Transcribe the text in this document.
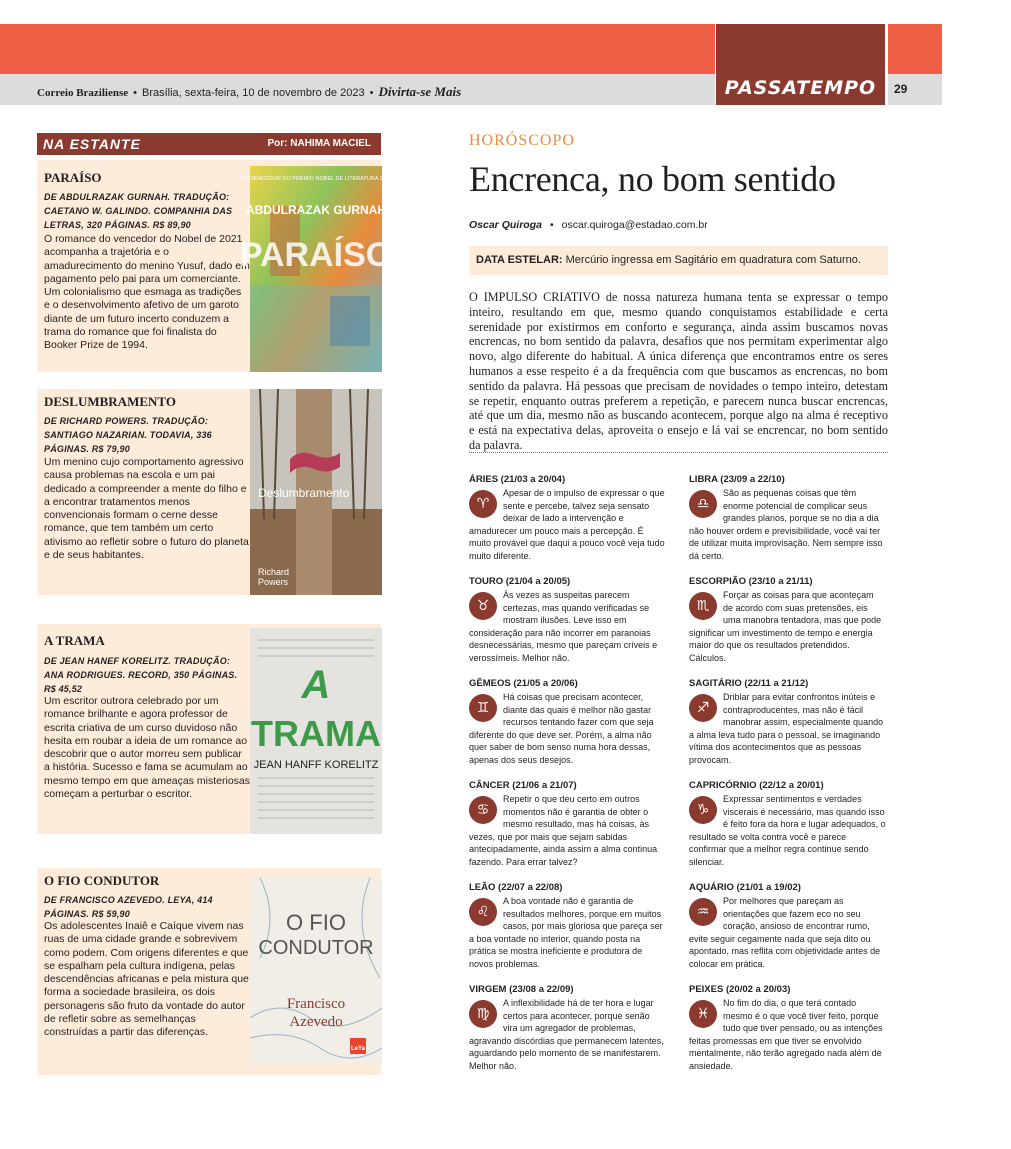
PASSATEMPO	29
Correio Braziliense • Brasília, sexta-feira, 10 de novembro de 2023 • Divirta-se Mais
NA ESTANTE	Por: NAHIMA MACIEL
PARAÍSO
DE ABDULRAZAK GURNAH. TRADUÇÃO: CAETANO W. GALINDO. COMPANHIA DAS LETRAS, 320 PÁGINAS. R$ 89,90
O romance do vencedor do Nobel de 2021 acompanha a trajetória e o amadurecimento do menino Yusuf, dado em pagamento pelo pai para um comerciante. Um colonialismo que esmaga as tradições e o desenvolvimento afetivo de um garoto diante de um futuro incerto conduzem a trama do romance que foi finalista do Booker Prize de 1994.
DO VENCEDOR DO PRÊMIO NOBEL DE LITERATURA 2021
ABDULRAZAK GURNAH
PARAÍSO
DESLUMBRAMENTO
DE RICHARD POWERS. TRADUÇÃO: SANTIAGO NAZARIAN. TODAVIA, 336 PÁGINAS. R$ 79,90
Um menino cujo comportamento agressivo causa problemas na escola e um pai dedicado a compreender a mente do filho e a encontrar tratamentos menos convencionais formam o cerne desse romance, que tem também um certo ativismo ao refletir sobre o futuro do planeta e de seus habitantes.
Deslumbramento
Richard
Powers
A TRAMA
DE JEAN HANEF KORELITZ. TRADUÇÃO: ANA RODRIGUES. RECORD, 350 PÁGINAS. R$ 45,52
Um escritor outrora celebrado por um romance brilhante e agora professor de escrita criativa de um curso duvidoso não hesita em roubar a ideia de um romance ao descobrir que o autor morreu sem publicar a história. Sucesso e fama se acumulam ao mesmo tempo em que ameaças misteriosas começam a perturbar o escritor.
A
TRAMA
JEAN HANFF KORELITZ
O FIO CONDUTOR
DE FRANCISCO AZEVEDO. LEYA, 414 PÁGINAS. R$ 59,90
Os adolescentes Inaiê e Caíque vivem nas ruas de uma cidade grande e sobrevivem como podem. Com origens diferentes e que se espalham pela cultura indígena, pelas descendências africanas e pela mistura que forma a sociedade brasileira, os dois personagens são fruto da vontade do autor de refletir sobre as semelhanças construídas a partir das diferenças.
O FIO
CONDUTOR
Francisco
Azevedo
LeYa
HORÓSCOPO
Encrenca, no bom sentido
Oscar Quiroga • oscar.quiroga@estadao.com.br
DATA ESTELAR: Mercúrio ingressa em Sagitário em quadratura com Saturno.
O IMPULSO CRIATIVO de nossa natureza humana tenta se expressar o tempo inteiro, resultando em que, mesmo quando conquistamos estabilidade e certa serenidade por existirmos em conforto e segurança, ainda assim buscamos novas encrencas, no bom sentido da palavra, desafios que nos permitam experimentar algo novo, algo diferente do habitual. A única diferença que encontramos entre os seres humanos a esse respeito é a da frequência com que buscamos as encrencas, no bom sentido da palavra. Há pessoas que precisam de novidades o tempo inteiro, detestam se repetir, enquanto outras preferem a repetição, e parecem nunca buscar encrencas, até que um dia, mesmo não as buscando acontecem, porque algo na alma é receptivo e está na expectativa delas, aproveita o ensejo e lá vai se encrencar, no bom sentido da palavra.
ÁRIES (21/03 a 20/04)
♈
Apesar de o impulso de expressar o que sente e percebe, talvez seja sensato deixar de lado a intervenção e amadurecer um pouco mais a percepção. É muito provável que daqui a pouco você veja tudo muito diferente.
TOURO (21/04 a 20/05)
♉
Às vezes as suspeitas parecem certezas, mas quando verificadas se mostram ilusões. Leve isso em consideração para não incorrer em paranoias desnecessárias, mesmo que pareçam críveis e verossímeis. Melhor não.
GÊMEOS (21/05 a 20/06)
♊
Há coisas que precisam acontecer, diante das quais é melhor não gastar recursos tentando fazer com que seja diferente do que deve ser. Porém, a alma não quer saber de bom senso numa hora dessas, apenas dos seus desejos.
CÂNCER (21/06 a 21/07)
♋
Repetir o que deu certo em outros momentos não é garantia de obter o mesmo resultado, mas há coisas, às vezes, que por mais que sejam sabidas antecipadamente, ainda assim a alma continua fazendo. Para errar talvez?
LEÃO (22/07 a 22/08)
♌
A boa vontade não é garantia de resultados melhores, porque em muitos casos, por mais gloriosa que pareça ser a boa vontade no interior, quando posta na prática se mostra ineficiente e produtora de novos problemas.
VIRGEM (23/08 a 22/09)
♍
A inflexibilidade há de ter hora e lugar certos para acontecer, porque senão vira um agregador de problemas, agravando discórdias que permanecem latentes, aguardando pelo momento de se manifestarem. Melhor não.
LIBRA (23/09 a 22/10)
♎
São as pequenas coisas que têm enorme potencial de complicar seus grandes planos, porque se no dia a dia não houver ordem e previsibilidade, você vai ter de utilizar muita improvisação. Nem sempre isso dá certo.
ESCORPIÃO (23/10 a 21/11)
♏
Forçar as coisas para que aconteçam de acordo com suas pretensões, eis uma manobra tentadora, mas que pode significar um investimento de tempo e energia maior do que os resultados pretendidos. Cálculos.
SAGITÁRIO (22/11 a 21/12)
♐
Driblar para evitar confrontos inúteis e contraproducentes, mas não é fácil manobrar assim, especialmente quando a alma leva tudo para o pessoal, se imaginando vítima dos acontecimentos que as pessoas provocam.
CAPRICÓRNIO (22/12 a 20/01)
♑
Expressar sentimentos e verdades viscerais é necessário, mas quando isso é feito fora da hora e lugar adequados, o resultado se volta contra você e parece confirmar que a melhor regra continue sendo silenciar.
AQUÁRIO (21/01 a 19/02)
♒
Por melhores que pareçam as orientações que fazem eco no seu coração, ansioso de encontrar rumo, evite seguir cegamente nada que seja dito ou apontado, mas reflita com objetividade antes de colocar em prática.
PEIXES (20/02 a 20/03)
♓
No fim do dia, o que terá contado mesmo é o que você tiver feito, porque tudo que tiver pensado, ou as intenções feitas promessas em que tiver se envolvido mentalmente, não terão agregado nada além de ansiedade.
